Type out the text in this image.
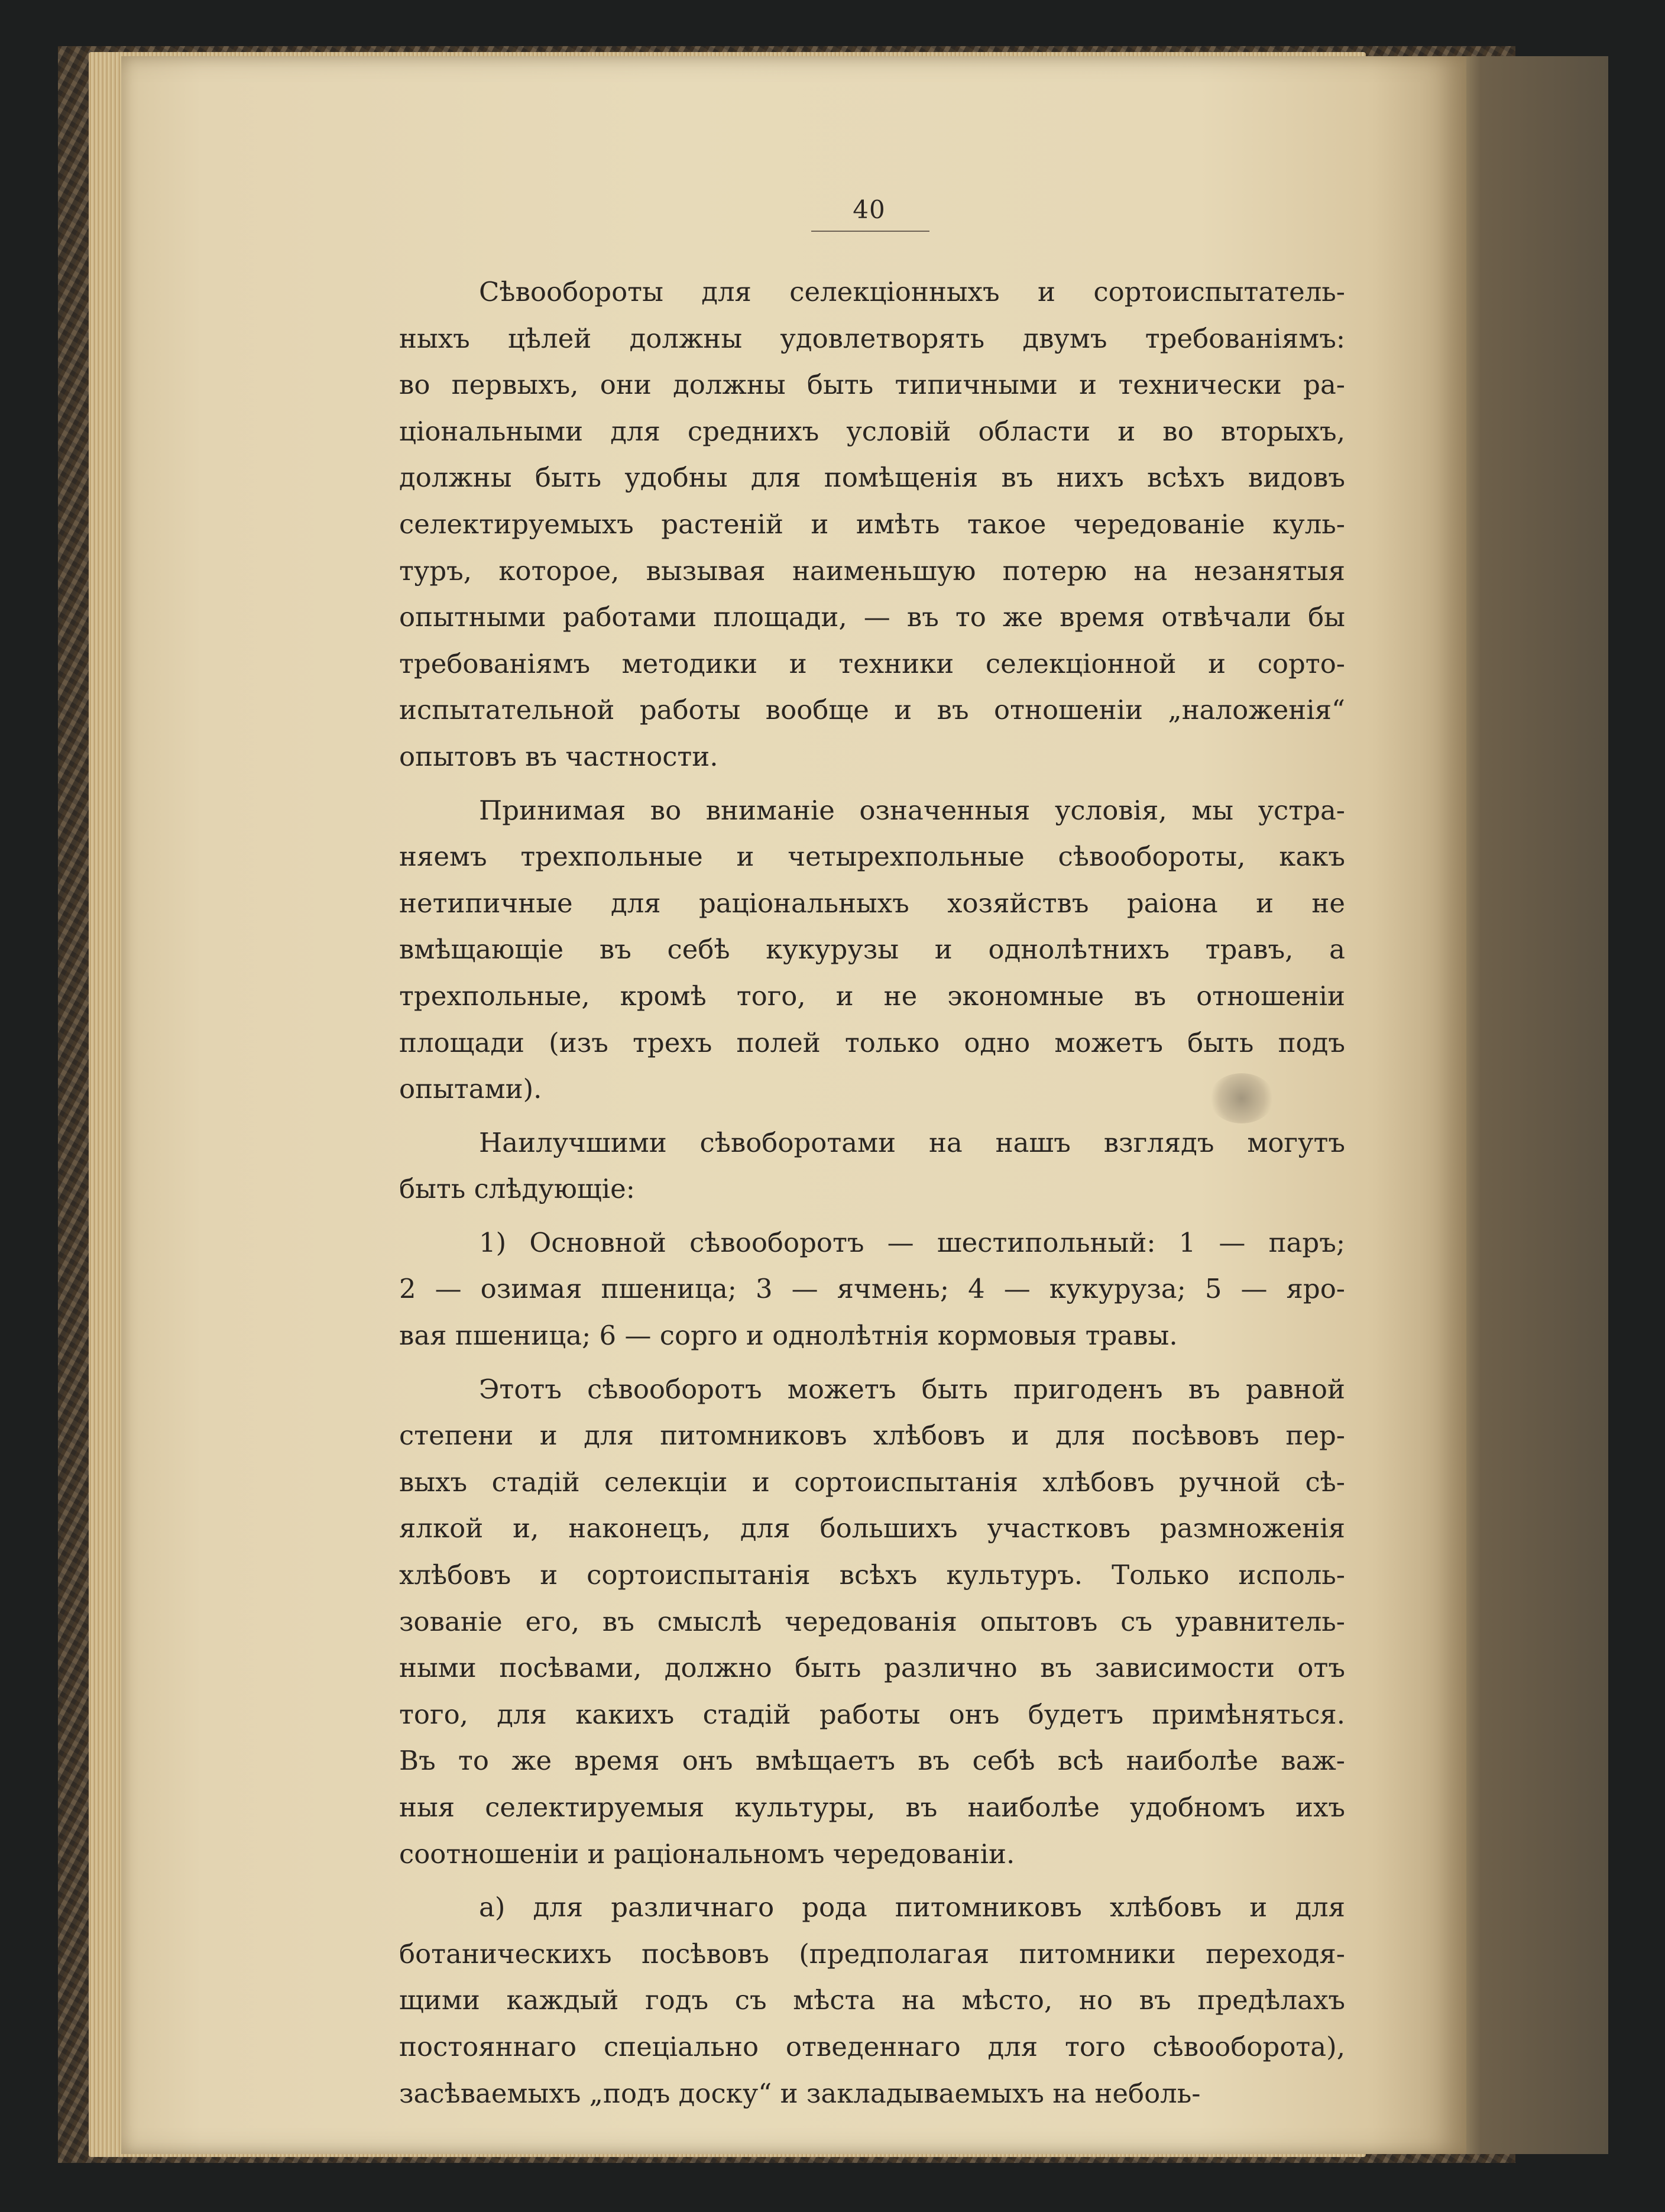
40
Сѣвообороты для селекціонныхъ и сортоиспытатель-
ныхъ цѣлей должны удовлетворять двумъ требованіямъ:
во первыхъ, они должны быть типичными и технически ра-
ціональными для среднихъ условій области и во вторыхъ,
должны быть удобны для помѣщенія въ нихъ всѣхъ видовъ
селектируемыхъ растеній и имѣть такое чередованіе куль-
туръ, которое, вызывая наименьшую потерю на незанятыя
опытными работами площади, — въ то же время отвѣчали бы
требованіямъ методики и техники селекціонной и сорто-
испытательной работы вообще и въ отношеніи „наложенія“
опытовъ въ частности.
Принимая во вниманіе означенныя условія, мы устра-
няемъ трехпольные и четырехпольные сѣвообороты, какъ
нетипичные для раціональныхъ хозяйствъ раіона и не
вмѣщающіе въ себѣ кукурузы и однолѣтнихъ травъ, а
трехпольные, кромѣ того, и не экономные въ отношеніи
площади (изъ трехъ полей только одно можетъ быть подъ
опытами).
Наилучшими сѣвоборотами на нашъ взглядъ могутъ
быть слѣдующіе:
1) Основной сѣвооборотъ — шестипольный: 1 — паръ;
2 — озимая пшеница; 3 — ячмень; 4 — кукуруза; 5 — яро-
вая пшеница; 6 — сорго и однолѣтнія кормовыя травы.
Этотъ сѣвооборотъ можетъ быть пригоденъ въ равной
степени и для питомниковъ хлѣбовъ и для посѣвовъ пер-
выхъ стадій селекціи и сортоиспытанія хлѣбовъ ручной сѣ-
ялкой и, наконецъ, для большихъ участковъ размноженія
хлѣбовъ и сортоиспытанія всѣхъ культуръ. Только исполь-
зованіе его, въ смыслѣ чередованія опытовъ съ уравнитель-
ными посѣвами, должно быть различно въ зависимости отъ
того, для какихъ стадій работы онъ будетъ примѣняться.
Въ то же время онъ вмѣщаетъ въ себѣ всѣ наиболѣе важ-
ныя селектируемыя культуры, въ наиболѣе удобномъ ихъ
соотношеніи и раціональномъ чередованіи.
а) для различнаго рода питомниковъ хлѣбовъ и для
ботаническихъ посѣвовъ (предполагая питомники переходя-
щими каждый годъ съ мѣста на мѣсто, но въ предѣлахъ
постояннаго спеціально отведеннаго для того сѣвооборота),
засѣваемыхъ „подъ доску“ и закладываемыхъ на неболь-
